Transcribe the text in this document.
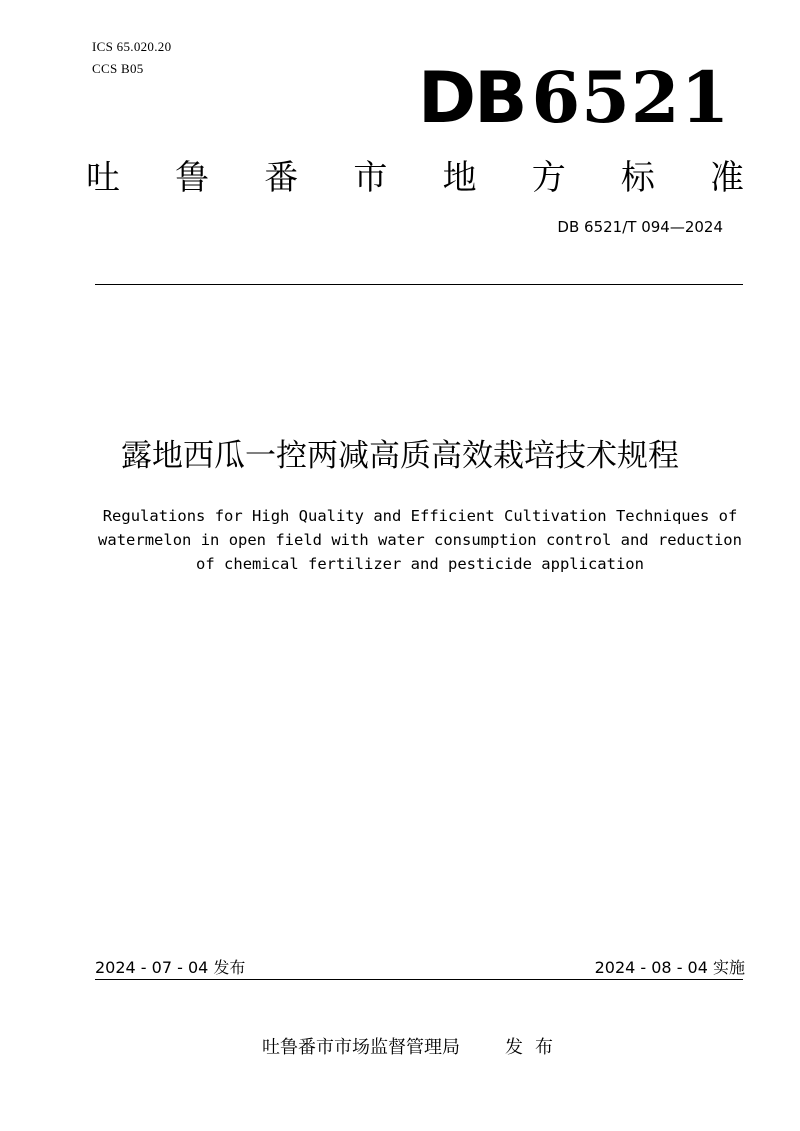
ICS 65.020.20
CCS B05	DB6521
吐 鲁 番 市 地 方 标 准
DB 6521/T 094—2024
露地西瓜一控两减高质高效栽培技术规程
Regulations for High Quality and Efficient Cultivation Techniques of
watermelon in open field with water consumption control and reduction
of chemical fertilizer and pesticide application
2024 - 07 - 04 发布	2024 - 08 - 04 实施
吐鲁番市市场监督管理局	发布
